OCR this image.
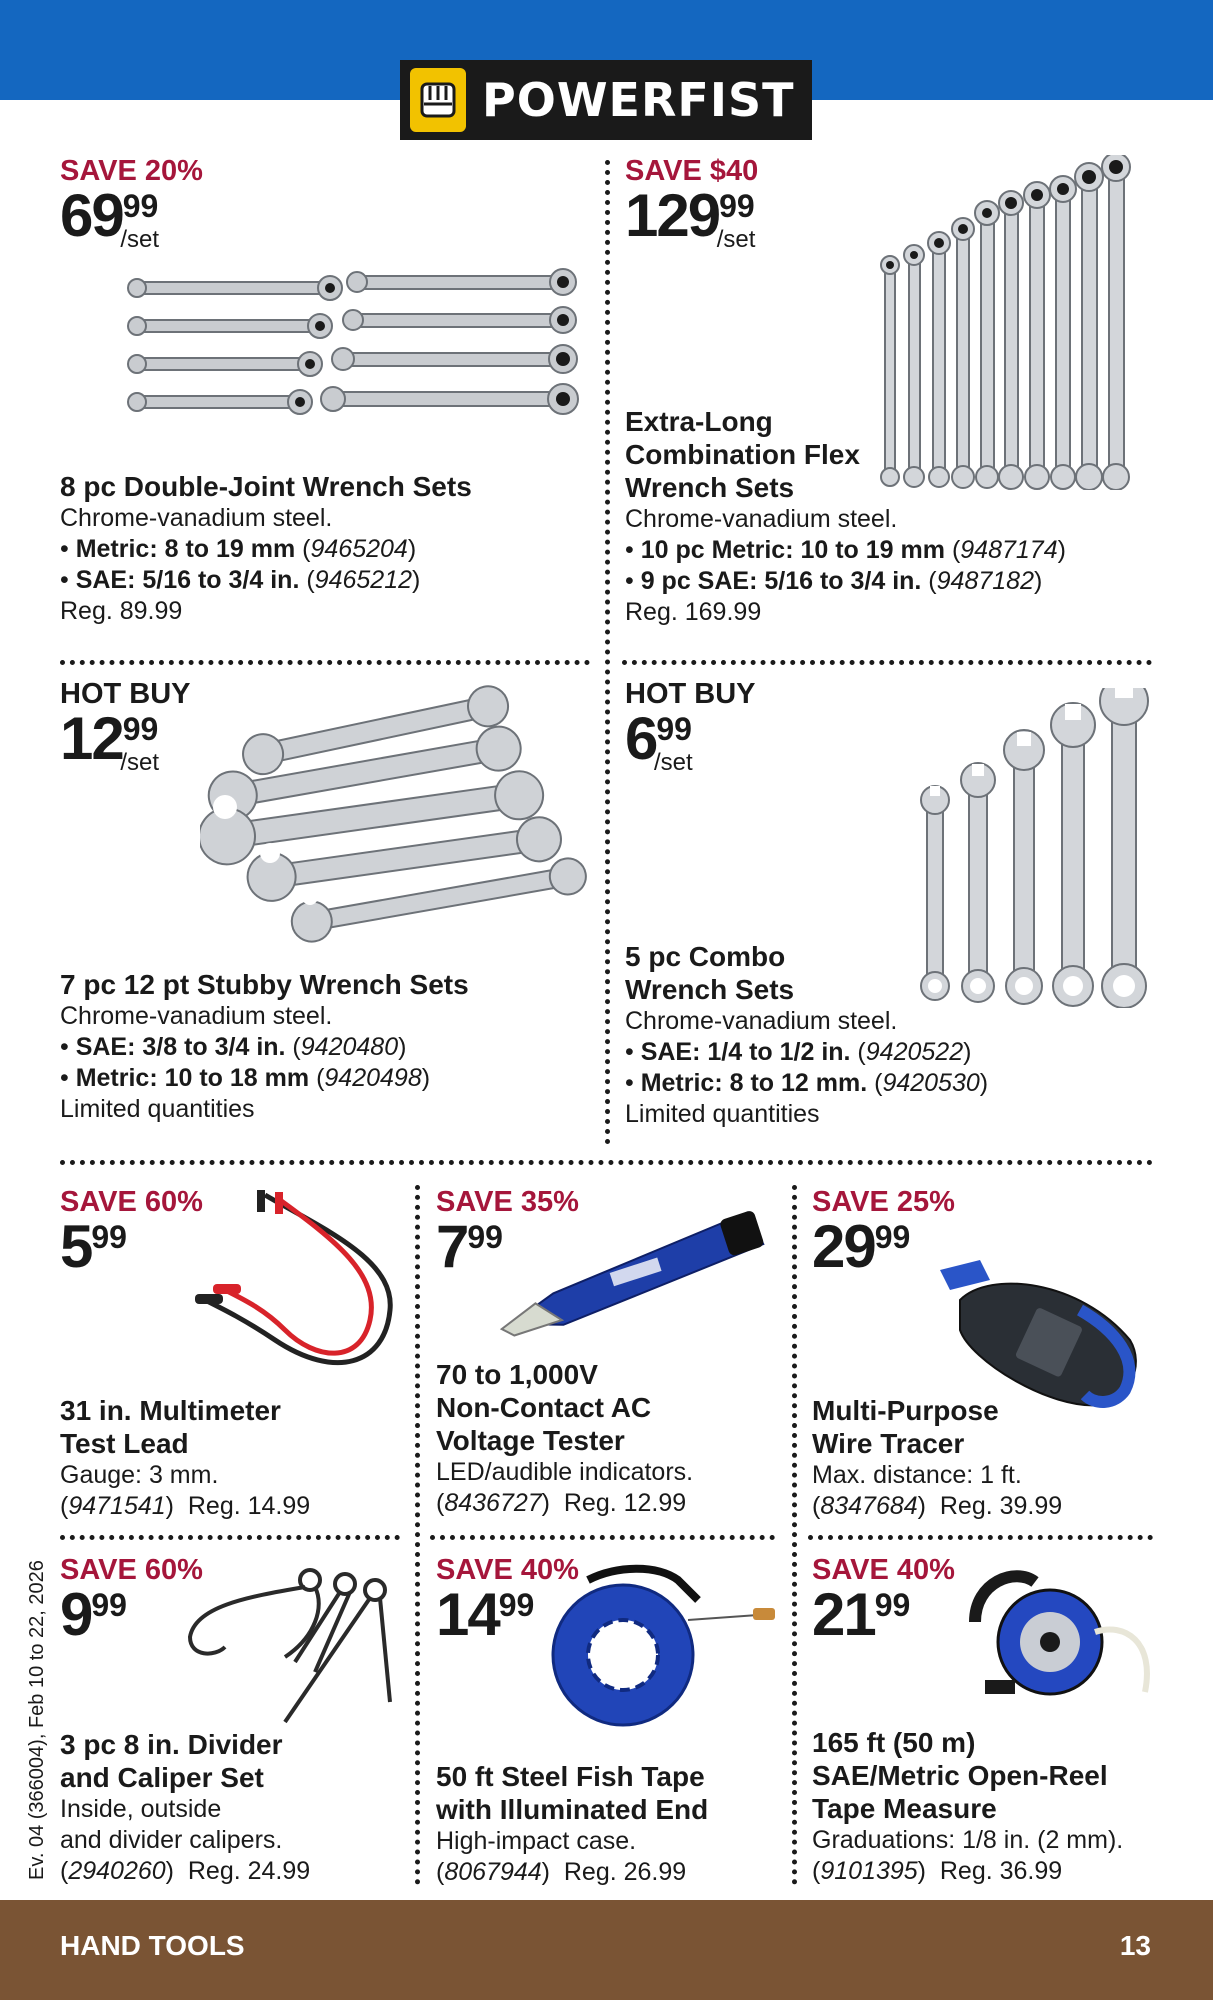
POWERFIST
SAVE 20%
69 99
/set
8 pc Double-Joint Wrench Sets
Chrome-vanadium steel.
• Metric: 8 to 19 mm (9465204)
• SAE: 5/16 to 3/4 in. (9465212)
Reg. 89.99
SAVE $40
129 99
/set
Extra-Long
Combination Flex
Wrench Sets
Chrome-vanadium steel.
• 10 pc Metric: 10 to 19 mm (9487174)
• 9 pc SAE: 5/16 to 3/4 in. (9487182)
Reg. 169.99
HOT BUY
12 99
/set
7 pc 12 pt Stubby Wrench Sets
Chrome-vanadium steel.
• SAE: 3/8 to 3/4 in. (9420480)
• Metric: 10 to 18 mm (9420498)
Limited quantities
HOT BUY
6 99
/set
5 pc Combo
Wrench Sets
Chrome-vanadium steel.
• SAE: 1/4 to 1/2 in. (9420522)
• Metric: 8 to 12 mm. (9420530)
Limited quantities
SAVE 60%
5 99
31 in. Multimeter
Test Lead
Gauge: 3 mm.
(9471541)  Reg. 14.99
SAVE 35%
7 99
70 to 1,000V
Non-Contact AC
Voltage Tester
LED/audible indicators.
(8436727)  Reg. 12.99
SAVE 25%
29 99
Multi-Purpose
Wire Tracer
Max. distance: 1 ft.
(8347684)  Reg. 39.99
SAVE 60%
9 99
3 pc 8 in. Divider
and Caliper Set
Inside, outside
and divider calipers.
(2940260)  Reg. 24.99
SAVE 40%
14 99
50 ft Steel Fish Tape
with Illuminated End
High-impact case.
(8067944)  Reg. 26.99
SAVE 40%
21 99
165 ft (50 m)
SAE/Metric Open-Reel
Tape Measure
Graduations: 1/8 in. (2 mm).
(9101395)  Reg. 36.99
Ev. 04 (366004), Feb 10 to 22, 2026
HAND TOOLS	13
